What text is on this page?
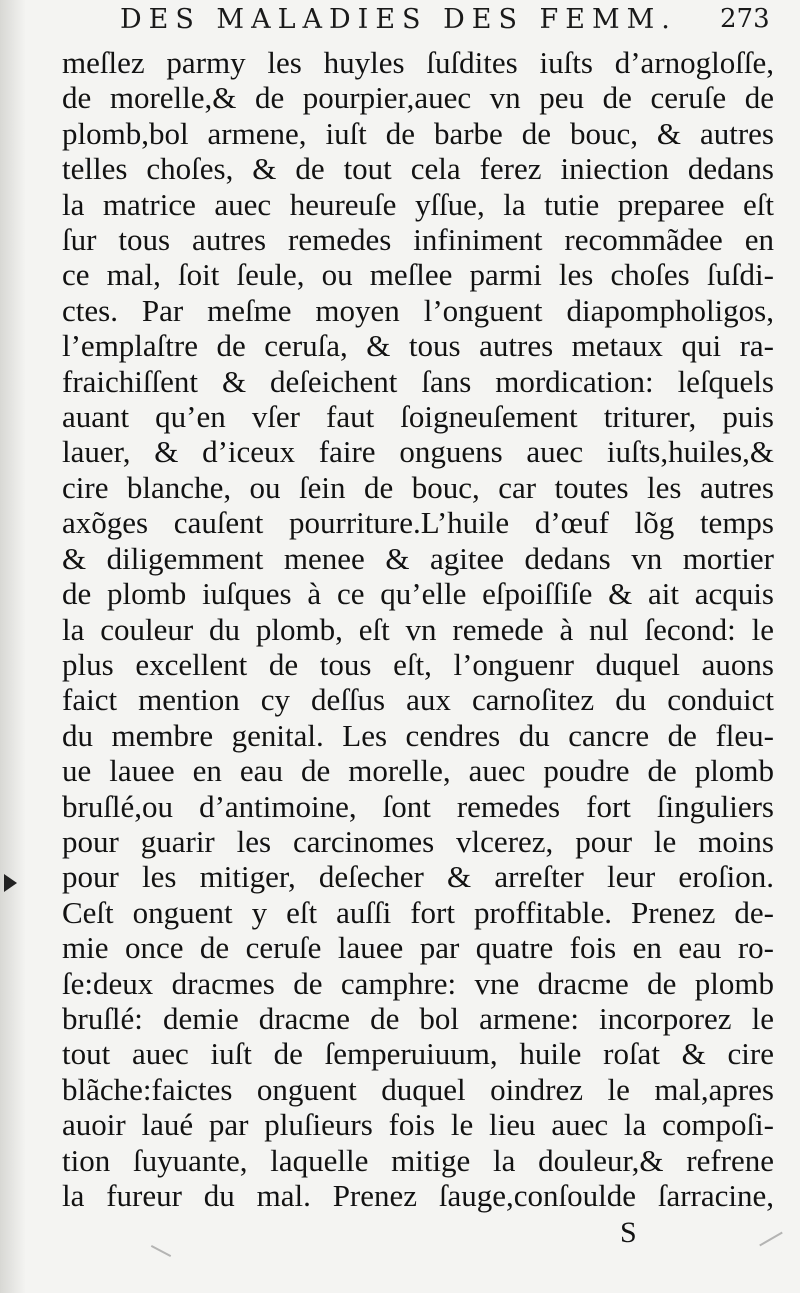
DES MALADIES DES FEMM.	273
meſlez parmy les huyles ſuſdites iuſts d’arnogloſſe,
de morelle,& de pourpier,auec vn peu de ceruſe de
plomb,bol armene, iuſt de barbe de bouc, & autres
telles choſes, & de tout cela ferez iniection dedans
la matrice auec heureuſe yſſue, la tutie preparee eſt
ſur tous autres remedes infiniment recommãdee en
ce mal, ſoit ſeule, ou meſlee parmi les choſes ſuſdi-
ctes. Par meſme moyen l’onguent diapompholigos,
l’emplaſtre de ceruſa, & tous autres metaux qui ra-
fraichiſſent & deſeichent ſans mordication: leſquels
auant qu’en vſer faut ſoigneuſement triturer, puis
lauer, & d’iceux faire onguens auec iuſts,huiles,&
cire blanche, ou ſein de bouc, car toutes les autres
axõges cauſent pourriture.L’huile d’œuf lõg temps
& diligemment menee & agitee dedans vn mortier
de plomb iuſques à ce qu’elle eſpoiſſiſe & ait acquis
la couleur du plomb, eſt vn remede à nul ſecond: le
plus excellent de tous eſt, l’onguenr duquel auons
faict mention cy deſſus aux carnoſitez du conduict
du membre genital. Les cendres du cancre de fleu-
ue lauee en eau de morelle, auec poudre de plomb
bruſlé,ou d’antimoine, ſont remedes fort ſinguliers
pour guarir les carcinomes vlcerez, pour le moins
pour les mitiger, deſecher & arreſter leur eroſion.
Ceſt onguent y eſt auſſi fort proffitable. Prenez de-
mie once de ceruſe lauee par quatre fois en eau ro-
ſe:deux dracmes de camphre: vne dracme de plomb
bruſlé: demie dracme de bol armene: incorporez le
tout auec iuſt de ſemperuiuum, huile roſat & cire
blãche:faictes onguent duquel oindrez le mal,apres
auoir laué par pluſieurs fois le lieu auec la compoſi-
tion ſuyuante, laquelle mitige la douleur,& refrene
la fureur du mal. Prenez ſauge,conſoulde ſarracine,
S
